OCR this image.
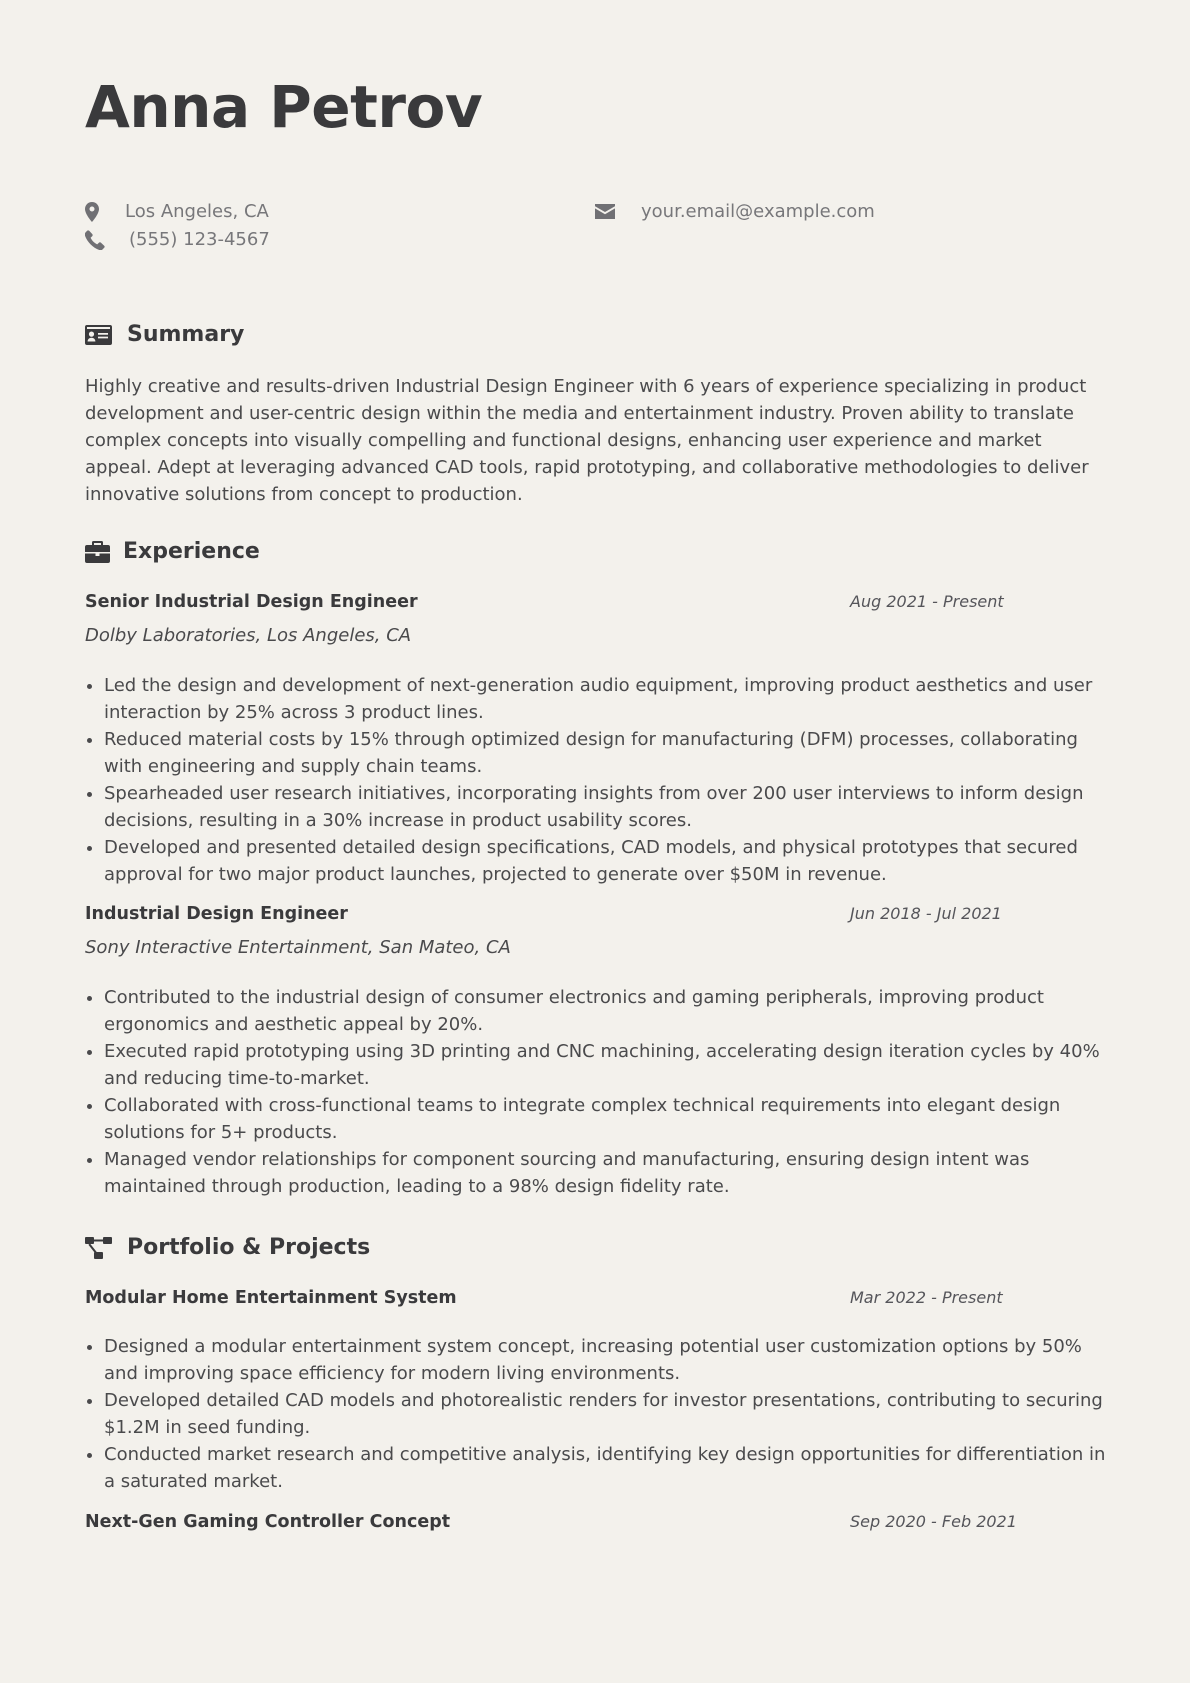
Anna Petrov
Los Angeles, CA	your.email@example.com
(555) 123-4567
Summary

Highly creative and results-driven Industrial Design Engineer with 6 years of experience specializing in product development and user-centric design within the media and entertainment industry. Proven ability to translate complex concepts into visually compelling and functional designs, enhancing user experience and market appeal. Adept at leveraging advanced CAD tools, rapid prototyping, and collaborative methodologies to deliver innovative solutions from concept to production.

Experience
Senior Industrial Design Engineer	Aug 2021 - Present
Dolby Laboratories, Los Angeles, CA
Led the design and development of next-generation audio equipment, improving product aesthetics and user interaction by 25% across 3 product lines.
Reduced material costs by 15% through optimized design for manufacturing (DFM) processes, collaborating with engineering and supply chain teams.
Spearheaded user research initiatives, incorporating insights from over 200 user interviews to inform design decisions, resulting in a 30% increase in product usability scores.
Developed and presented detailed design specifications, CAD models, and physical prototypes that secured approval for two major product launches, projected to generate over $50M in revenue.
Industrial Design Engineer	Jun 2018 - Jul 2021
Sony Interactive Entertainment, San Mateo, CA
Contributed to the industrial design of consumer electronics and gaming peripherals, improving product ergonomics and aesthetic appeal by 20%.
Executed rapid prototyping using 3D printing and CNC machining, accelerating design iteration cycles by 40% and reducing time-to-market.
Collaborated with cross-functional teams to integrate complex technical requirements into elegant design solutions for 5+ products.
Managed vendor relationships for component sourcing and manufacturing, ensuring design intent was maintained through production, leading to a 98% design fidelity rate.
Portfolio & Projects
Modular Home Entertainment System	Mar 2022 - Present
Designed a modular entertainment system concept, increasing potential user customization options by 50% and improving space efficiency for modern living environments.
Developed detailed CAD models and photorealistic renders for investor presentations, contributing to securing $1.2M in seed funding.
Conducted market research and competitive analysis, identifying key design opportunities for differentiation in a saturated market.
Next-Gen Gaming Controller Concept	Sep 2020 - Feb 2021
